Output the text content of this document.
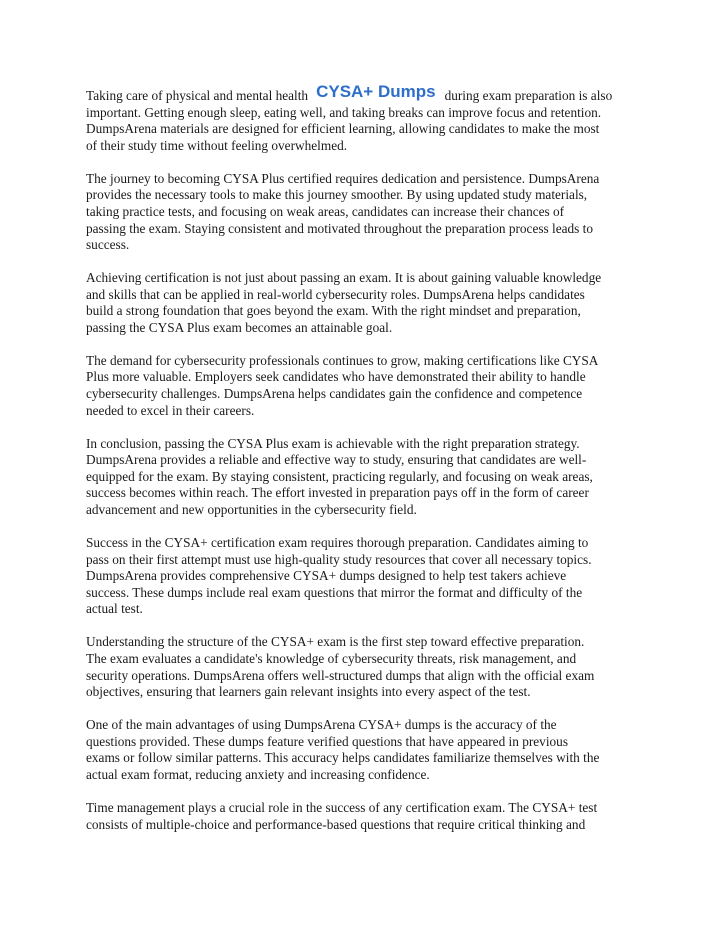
Taking care of physical and mental health CYSA+ Dumps during exam preparation is also
important. Getting enough sleep, eating well, and taking breaks can improve focus and retention.
DumpsArena materials are designed for efficient learning, allowing candidates to make the most
of their study time without feeling overwhelmed.

The journey to becoming CYSA Plus certified requires dedication and persistence. DumpsArena
provides the necessary tools to make this journey smoother. By using updated study materials,
taking practice tests, and focusing on weak areas, candidates can increase their chances of
passing the exam. Staying consistent and motivated throughout the preparation process leads to
success.

Achieving certification is not just about passing an exam. It is about gaining valuable knowledge
and skills that can be applied in real-world cybersecurity roles. DumpsArena helps candidates
build a strong foundation that goes beyond the exam. With the right mindset and preparation,
passing the CYSA Plus exam becomes an attainable goal.

The demand for cybersecurity professionals continues to grow, making certifications like CYSA
Plus more valuable. Employers seek candidates who have demonstrated their ability to handle
cybersecurity challenges. DumpsArena helps candidates gain the confidence and competence
needed to excel in their careers.

In conclusion, passing the CYSA Plus exam is achievable with the right preparation strategy.
DumpsArena provides a reliable and effective way to study, ensuring that candidates are well-
equipped for the exam. By staying consistent, practicing regularly, and focusing on weak areas,
success becomes within reach. The effort invested in preparation pays off in the form of career
advancement and new opportunities in the cybersecurity field.

Success in the CYSA+ certification exam requires thorough preparation. Candidates aiming to
pass on their first attempt must use high-quality study resources that cover all necessary topics.
DumpsArena provides comprehensive CYSA+ dumps designed to help test takers achieve
success. These dumps include real exam questions that mirror the format and difficulty of the
actual test.

Understanding the structure of the CYSA+ exam is the first step toward effective preparation.
The exam evaluates a candidate's knowledge of cybersecurity threats, risk management, and
security operations. DumpsArena offers well-structured dumps that align with the official exam
objectives, ensuring that learners gain relevant insights into every aspect of the test.

One of the main advantages of using DumpsArena CYSA+ dumps is the accuracy of the
questions provided. These dumps feature verified questions that have appeared in previous
exams or follow similar patterns. This accuracy helps candidates familiarize themselves with the
actual exam format, reducing anxiety and increasing confidence.

Time management plays a crucial role in the success of any certification exam. The CYSA+ test
consists of multiple-choice and performance-based questions that require critical thinking and
